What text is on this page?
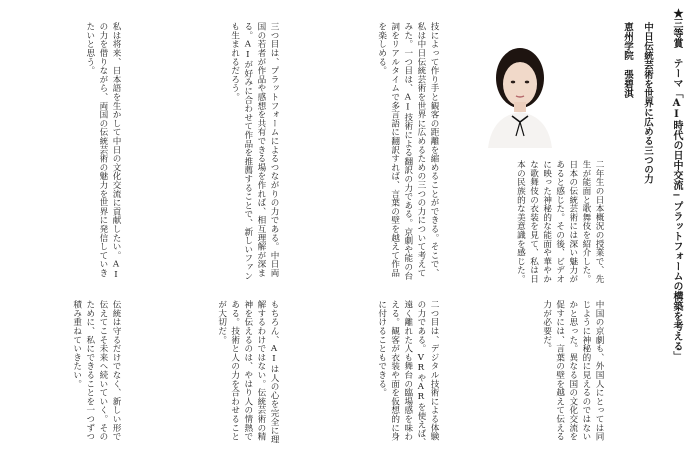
★三等賞　テーマ「AI時代の日中交流−プラットフォームの構築を考える」
中日伝統芸術を世界に広める三つの力
恵州学院　張碧淇

二年生の日本概況の授業で、先生が能面と歌舞伎を紹介した。日本の伝統芸術には深い魅力があると感じた。その後、ビデオに映った神秘的な能面や華やかな歌舞伎の衣装を見て、私は日本の民族的な美意識を感じた。

中国の京劇も、外国人にとっては同じように神秘的に見えるのではないかと思った。異なる国の文化交流を促すには、言葉の壁を越えて伝える力が必要だ。

技によって作り手と観客の距離を縮めることができる。そこで、私は中日伝統芸術を世界に広めるための三つの力について考えてみた。一つ目は、AI技術による翻訳の力である。京劇や能の台詞をリアルタイムで多言語に翻訳すれば、言葉の壁を越えて作品を楽しめる。

二つ目は、デジタル技術による体験の力である。VRやARを使えば、遠く離れた人も舞台の臨場感を味わえる。観客が衣装や面を仮想的に身に付けることもできる。

三つ目は、プラットフォームによるつながりの力である。中日両国の若者が作品や感想を共有できる場を作れば、相互理解が深まる。AIが好みに合わせて作品を推薦することで、新しいファンも生まれるだろう。

もちろん、AIは人の心を完全に理解するわけではない。伝統芸術の精神を伝えるのは、やはり人の情熱である。技術と人の力を合わせることが大切だ。

私は将来、日本語を生かして中日の文化交流に貢献したい。AIの力を借りながら、両国の伝統芸術の魅力を世界に発信していきたいと思う。

伝統は守るだけでなく、新しい形で伝えてこそ未来へ続いていく。そのために、私にできることを一つずつ積み重ねていきたい。
